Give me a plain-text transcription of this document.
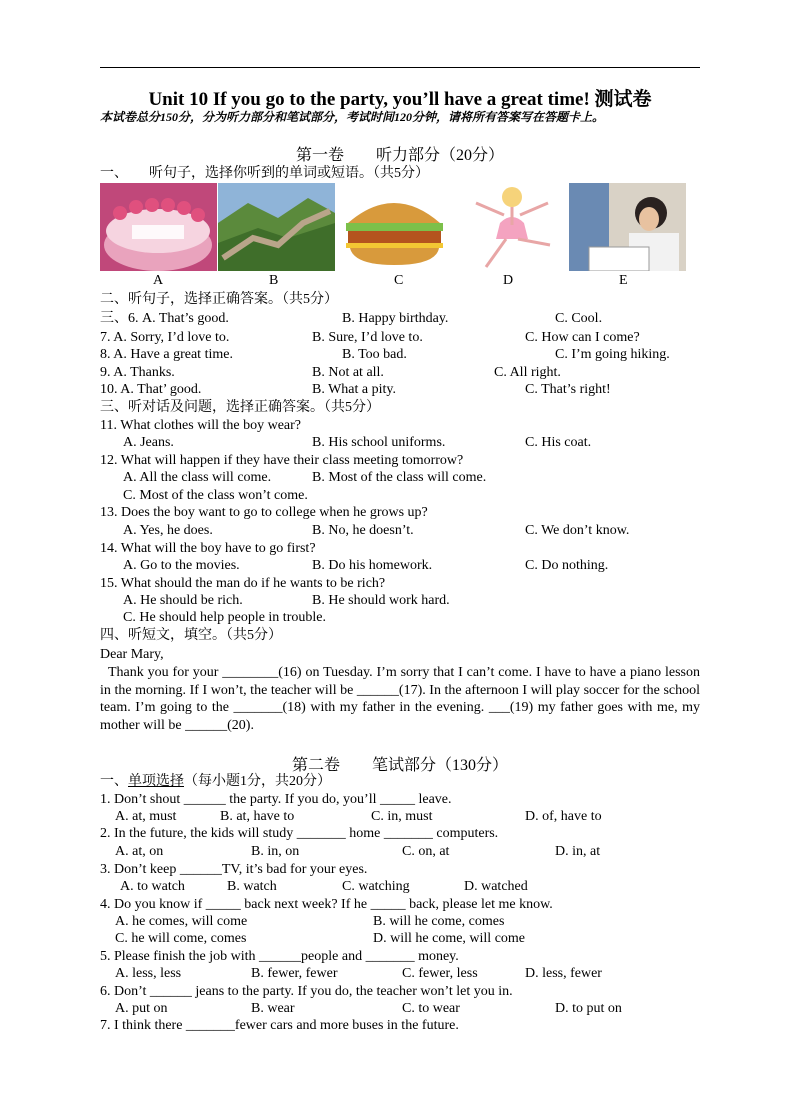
Unit 10 If you go to the party, you’ll have a great time! 测试卷
本试卷总分150分，分为听力部分和笔试部分，考试时间120分钟，请将所有答案写在答题卡上。
第一卷　　听力部分（20分）
一、　　听句子，选择你听到的单词或短语。（共5分）
A	B	C	D	E
二、听句子，选择正确答案。（共5分）
三、6. A. That’s good.	B. Happy birthday.	C. Cool.
7. A. Sorry, I’d love to.	B. Sure, I’d love to.	C. How can I come?
8. A. Have a great time.	B. Too bad.	C. I’m going hiking.
9. A. Thanks.	B. Not at all.	C. All right.
10. A. That’ good.	B. What a pity.	C. That’s right!
三、听对话及问题，选择正确答案。（共5分）
11. What clothes will the boy wear?
A. Jeans.	B. His school uniforms.	C. His coat.
12. What will happen if they have their class meeting tomorrow?
A. All the class will come.	B. Most of the class will come.
C. Most of the class won’t come.
13. Does the boy want to go to college when he grows up?
A. Yes, he does.	B. No, he doesn’t.	C. We don’t know.
14. What will the boy have to go first?
A. Go to the movies.	B. Do his homework.	C. Do nothing.
15. What should the man do if he wants to be rich?
A. He should be rich.	B. He should work hard.
C. He should help people in trouble.
四、听短文，填空。（共5分）
Dear Mary,
Thank you for your ________(16) on Tuesday. I’m sorry that I can’t come. I have to have a piano lesson in the morning. If I won’t, the teacher will be ______(17). In the afternoon I will play soccer for the school team. I’m going to the _______(18) with my father in the evening. ___(19) my father goes with me, my mother will be ______(20).
第二卷　　笔试部分（130分）
一、单项选择（每小题1分，共20分）
1. Don’t shout ______ the party. If you do, you’ll _____ leave.
A. at, must	B. at, have to	C. in, must	D. of, have to
2. In the future, the kids will study _______ home _______ computers.
A. at, on	B. in, on	C. on, at	D. in, at
3. Don’t keep ______TV, it’s bad for your eyes.
A. to watch	B. watch	C. watching	D. watched
4. Do you know if _____ back next week? If he _____ back, please let me know.
A. he comes, will come	B. will he come, comes
C. he will come, comes	D. will he come, will come
5. Please finish the job with ______people and _______ money.
A. less, less	B. fewer, fewer	C. fewer, less	D. less, fewer
6. Don’t ______ jeans to the party. If you do, the teacher won’t let you in.
A. put on	B. wear	C. to wear	D. to put on
7. I think there _______fewer cars and more buses in the future.
